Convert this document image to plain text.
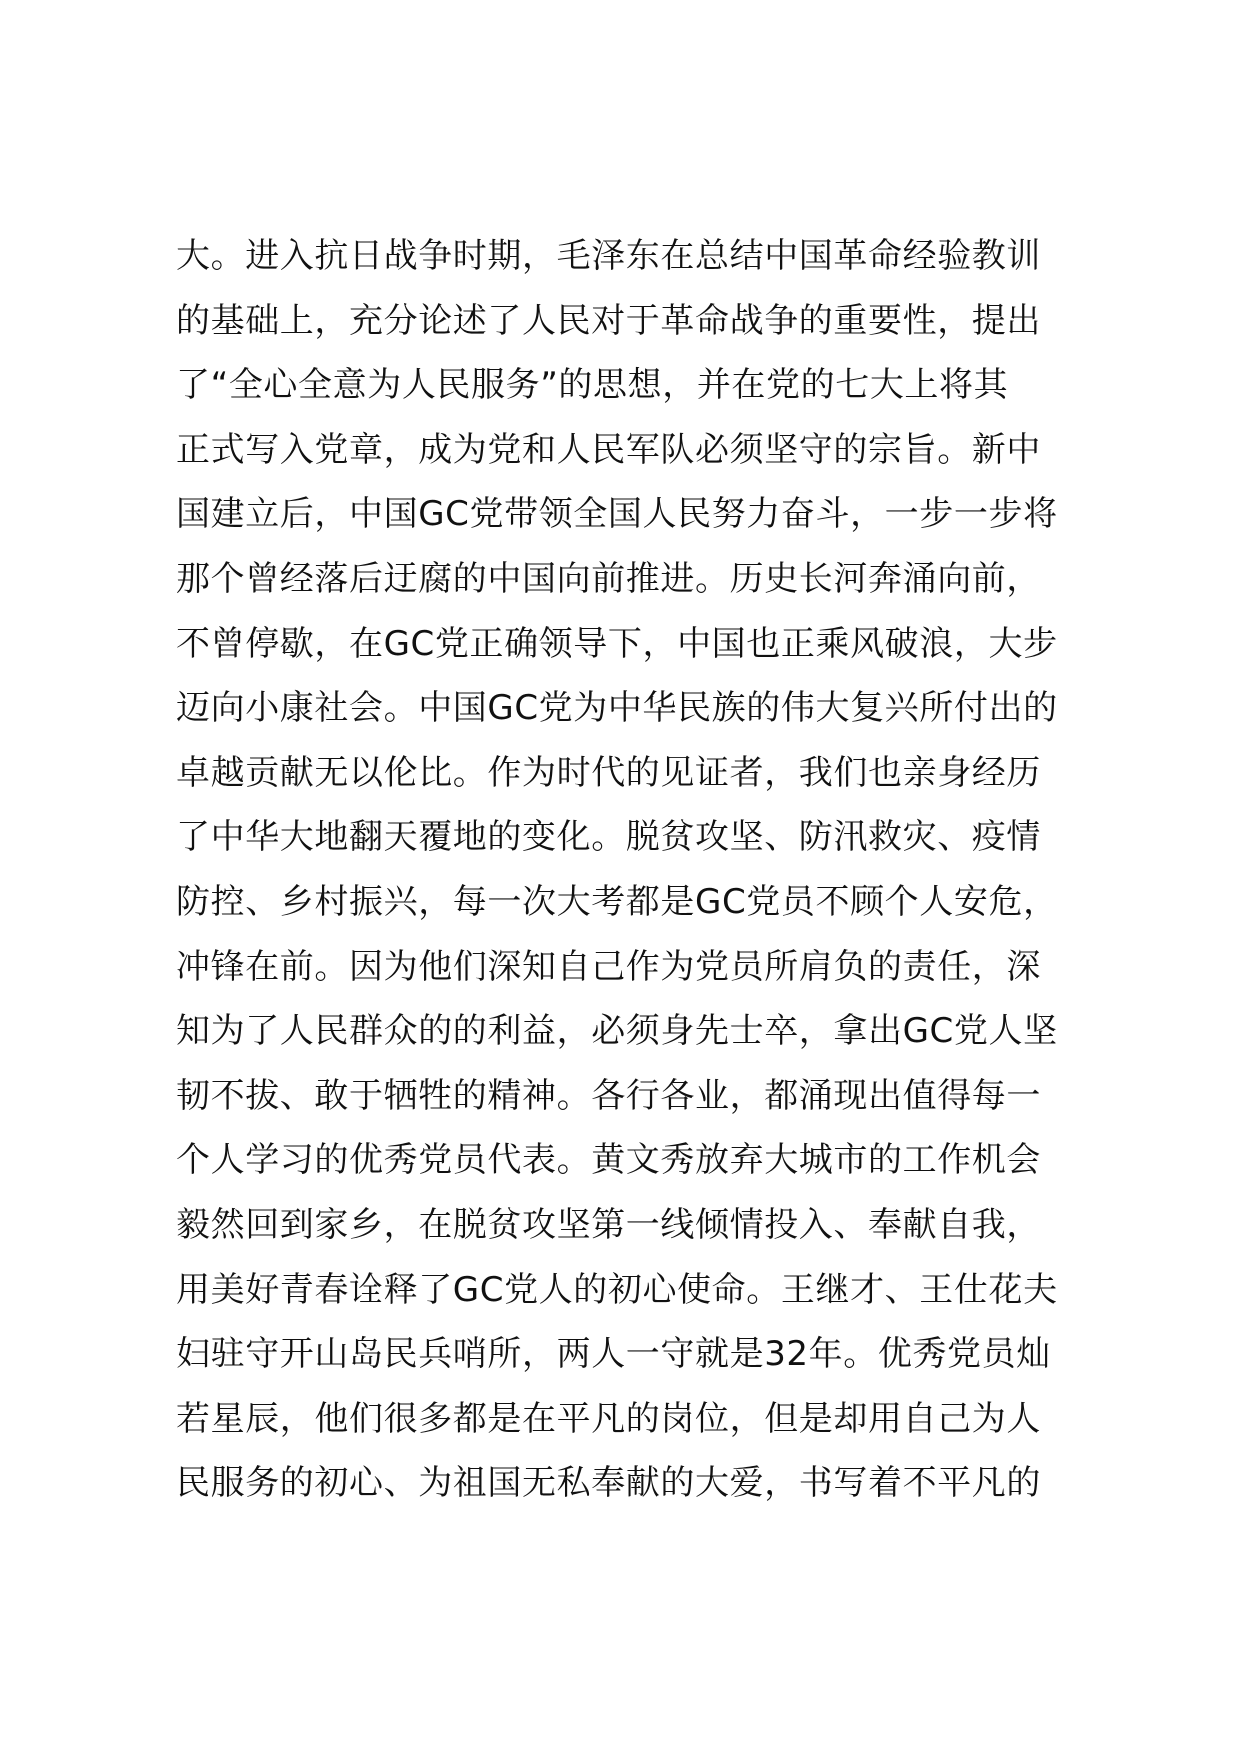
大。进入抗日战争时期，毛泽东在总结中国革命经验教训
的基础上，充分论述了人民对于革命战争的重要性，提出
了“全心全意为人民服务”的思想，并在党的七大上将其
正式写入党章，成为党和人民军队必须坚守的宗旨。新中
国建立后，中国GC党带领全国人民努力奋斗，一步一步将
那个曾经落后迂腐的中国向前推进。历史长河奔涌向前，
不曾停歇，在GC党正确领导下，中国也正乘风破浪，大步
迈向小康社会。中国GC党为中华民族的伟大复兴所付出的
卓越贡献无以伦比。作为时代的见证者，我们也亲身经历
了中华大地翻天覆地的变化。脱贫攻坚、防汛救灾、疫情
防控、乡村振兴，每一次大考都是GC党员不顾个人安危，
冲锋在前。因为他们深知自己作为党员所肩负的责任，深
知为了人民群众的的利益，必须身先士卒，拿出GC党人坚
韧不拔、敢于牺牲的精神。各行各业，都涌现出值得每一
个人学习的优秀党员代表。黄文秀放弃大城市的工作机会
毅然回到家乡，在脱贫攻坚第一线倾情投入、奉献自我，
用美好青春诠释了GC党人的初心使命。王继才、王仕花夫
妇驻守开山岛民兵哨所，两人一守就是32年。优秀党员灿
若星辰，他们很多都是在平凡的岗位，但是却用自己为人
民服务的初心、为祖国无私奉献的大爱，书写着不平凡的
